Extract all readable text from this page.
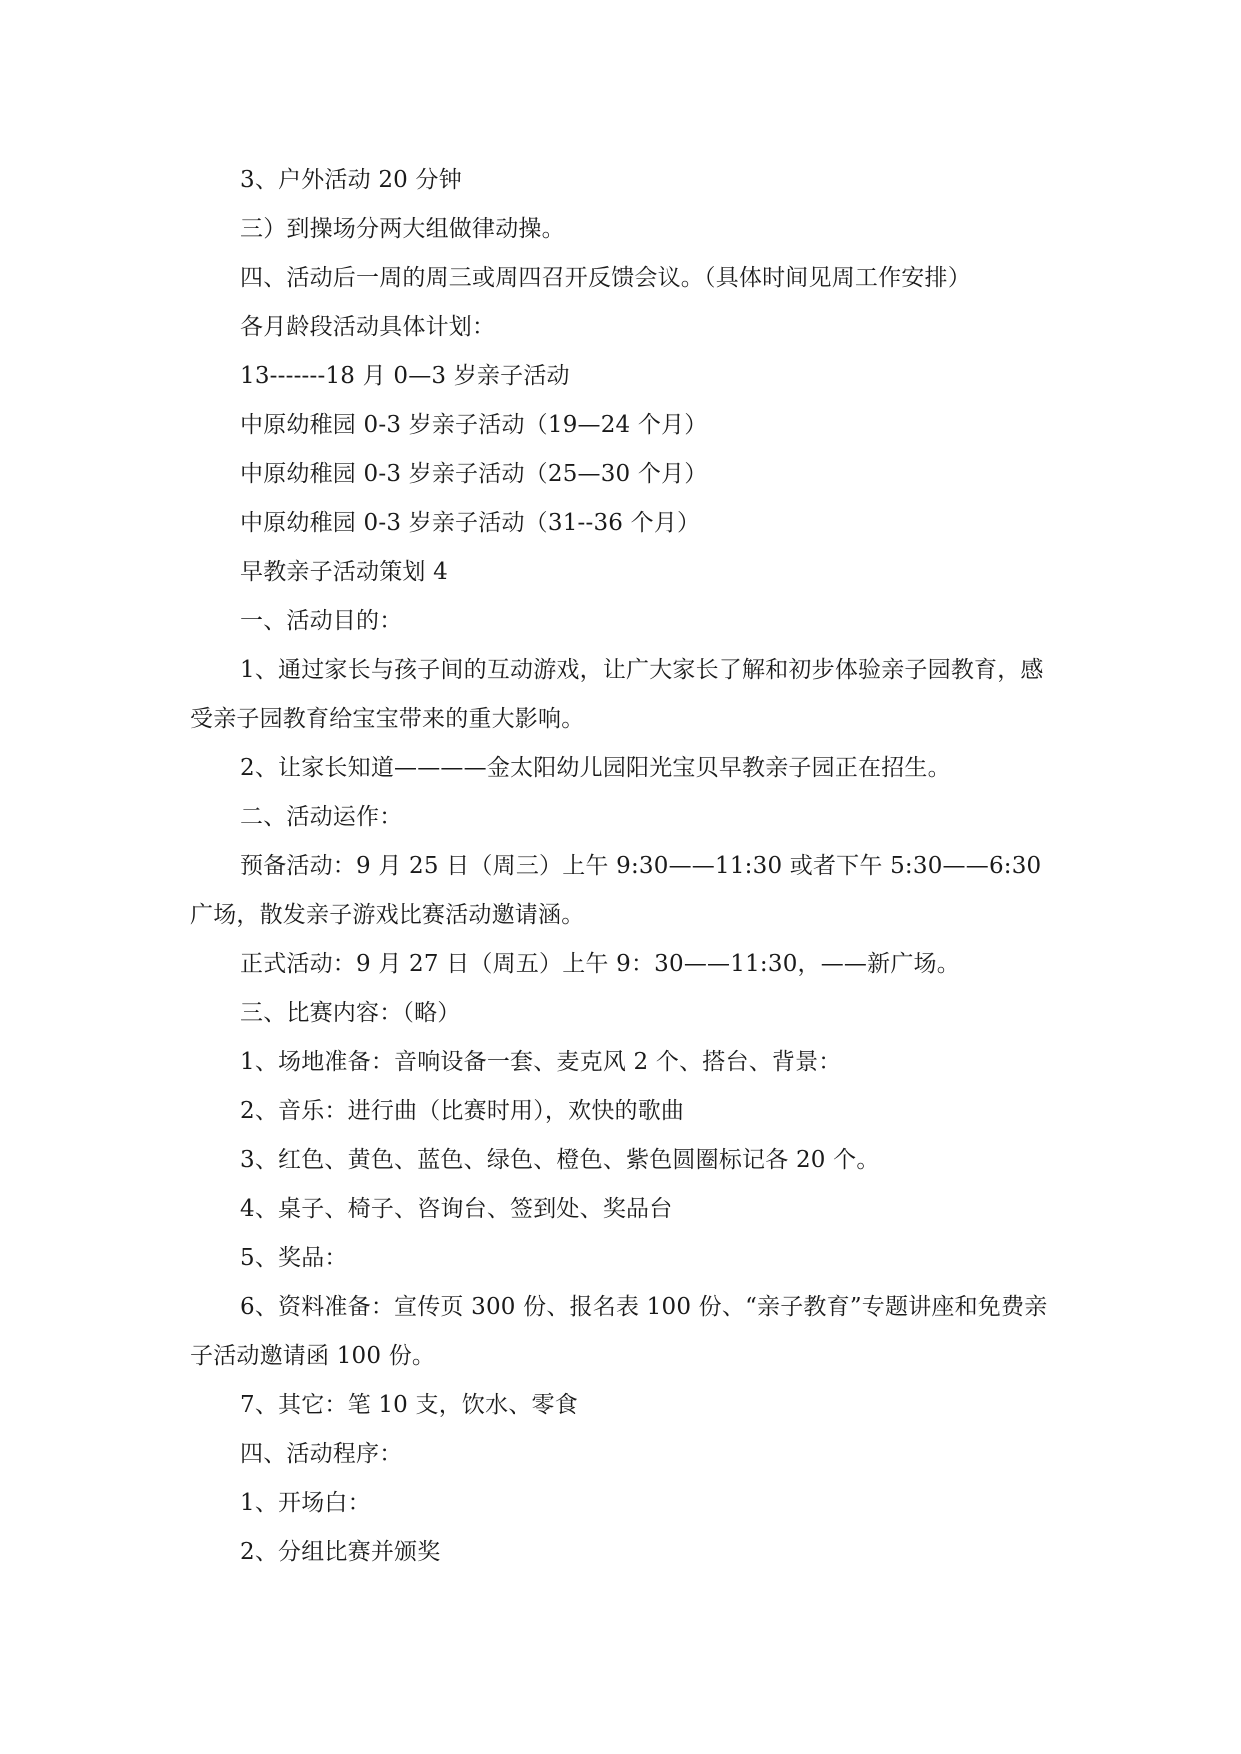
3、户外活动 20 分钟

三）到操场分两大组做律动操。

四、活动后一周的周三或周四召开反馈会议。（具体时间见周工作安排）

各月龄段活动具体计划：

13-------18 月 0—3 岁亲子活动

中原幼稚园 0-3 岁亲子活动（19—24 个月）

中原幼稚园 0-3 岁亲子活动（25—30 个月）

中原幼稚园 0-3 岁亲子活动（31--36 个月）

早教亲子活动策划 4

一、活动目的：

1、通过家长与孩子间的互动游戏，让广大家长了解和初步体验亲子园教育，感受亲子园教育给宝宝带来的重大影响。

2、让家长知道————金太阳幼儿园阳光宝贝早教亲子园正在招生。

二、活动运作：

预备活动：9 月 25 日（周三）上午 9:30——11:30 或者下午 5:30——6:30 广场，散发亲子游戏比赛活动邀请涵。

正式活动：9 月 27 日（周五）上午 9：30——11:30，——新广场。

三、比赛内容：（略）

1、场地准备：音响设备一套、麦克风 2 个、搭台、背景：

2、音乐：进行曲（比赛时用），欢快的歌曲

3、红色、黄色、蓝色、绿色、橙色、紫色圆圈标记各 20 个。

4、桌子、椅子、咨询台、签到处、奖品台

5、奖品：

6、资料准备：宣传页 300 份、报名表 100 份、“亲子教育”专题讲座和免费亲子活动邀请函 100 份。

7、其它：笔 10 支，饮水、零食

四、活动程序：

1、开场白：

2、分组比赛并颁奖
